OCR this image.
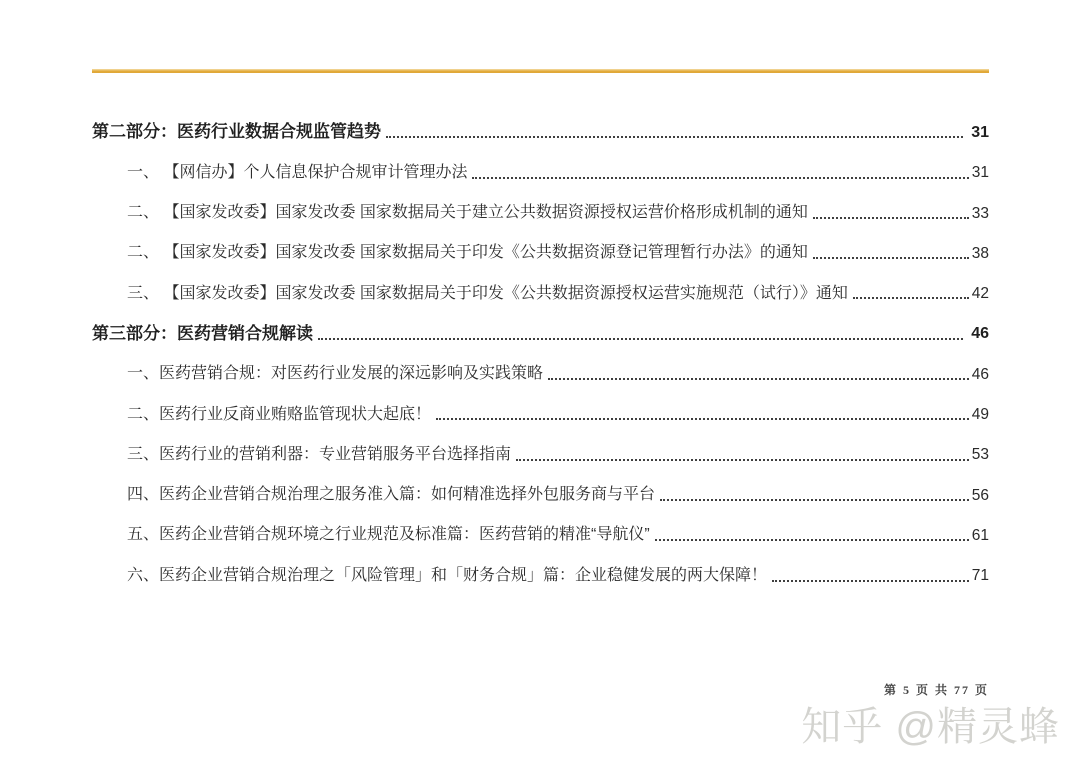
第二部分：医药行业数据合规监管趋势	31
一、 【网信办】个人信息保护合规审计管理办法	31
二、 【国家发改委】国家发改委 国家数据局关于建立公共数据资源授权运营价格形成机制的通知	33
二、 【国家发改委】国家发改委 国家数据局关于印发《公共数据资源登记管理暂行办法》的通知	38
三、 【国家发改委】国家发改委 国家数据局关于印发《公共数据资源授权运营实施规范（试行）》通知	42
第三部分：医药营销合规解读	46
一、医药营销合规：对医药行业发展的深远影响及实践策略	46
二、医药行业反商业贿赂监管现状大起底！	49
三、医药行业的营销利器：专业营销服务平台选择指南	53
四、医药企业营销合规治理之服务准入篇：如何精准选择外包服务商与平台	56
五、医药企业营销合规环境之行业规范及标准篇：医药营销的精准“导航仪”	61
六、医药企业营销合规治理之「风险管理」和「财务合规」篇：企业稳健发展的两大保障！	71
第 5 页 共 77 页
知乎 @精灵蜂
